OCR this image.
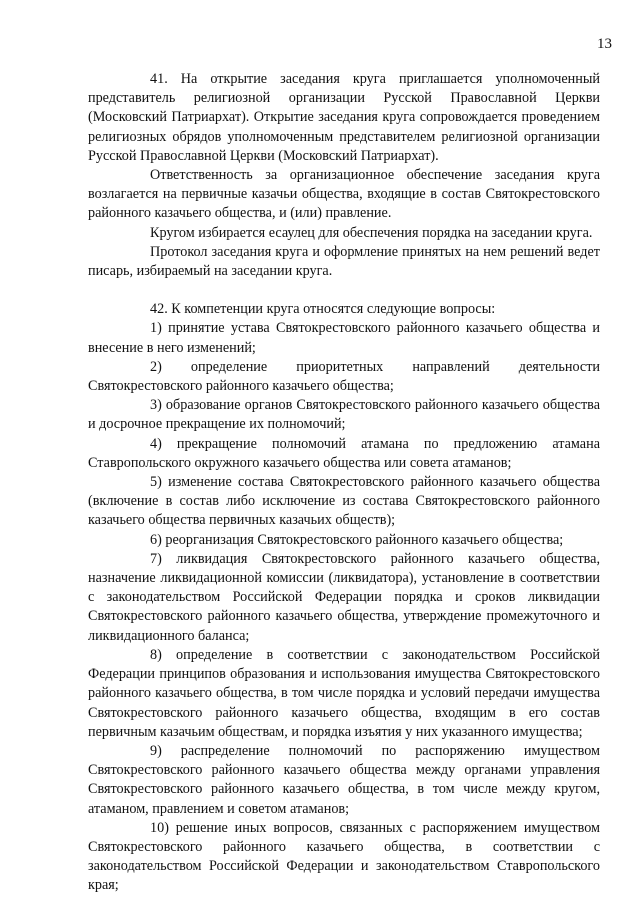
13

41. На открытие заседания круга приглашается уполномоченный представитель религиозной организации Русской Православной Церкви (Московский Патриархат). Открытие заседания круга сопровождается проведением религиозных обрядов уполномоченным представителем религиозной организации Русской Православной Церкви (Московский Патриархат).

Ответственность за организационное обеспечение заседания круга возлагается на первичные казачьи общества, входящие в состав Святокрестовского районного казачьего общества, и (или) правление.

Кругом избирается есаулец для обеспечения порядка на заседании круга.

Протокол заседания круга и оформление принятых на нем решений ведет писарь, избираемый на заседании круга.

42. К компетенции круга относятся следующие вопросы:

1) принятие устава Святокрестовского районного казачьего общества и внесение в него изменений;

2) определение приоритетных направлений деятельности Святокрестовского районного казачьего общества;

3) образование органов Святокрестовского районного казачьего общества и досрочное прекращение их полномочий;

4) прекращение полномочий атамана по предложению атамана Ставропольского окружного казачьего общества или совета атаманов;

5) изменение состава Святокрестовского районного казачьего общества (включение в состав либо исключение из состава Святокрестовского районного казачьего общества первичных казачьих обществ);

6) реорганизация Святокрестовского районного казачьего общества;

7) ликвидация Святокрестовского районного казачьего общества, назначение ликвидационной комиссии (ликвидатора), установление в соответствии с законодательством Российской Федерации порядка и сроков ликвидации Святокрестовского районного казачьего общества, утверждение промежуточного и ликвидационного баланса;

8) определение в соответствии с законодательством Российской Федерации принципов образования и использования имущества Святокрестовского районного казачьего общества, в том числе порядка и условий передачи имущества Святокрестовского районного казачьего общества, входящим в его состав первичным казачьим обществам, и порядка изъятия у них указанного имущества;

9) распределение полномочий по распоряжению имуществом Святокрестовского районного казачьего общества между органами управления Святокрестовского районного казачьего общества, в том числе между кругом, атаманом, правлением и советом атаманов;

10) решение иных вопросов, связанных с распоряжением имуществом Святокрестовского районного казачьего общества, в соответствии с законодательством Российской Федерации и законодательством Ставропольского края;
